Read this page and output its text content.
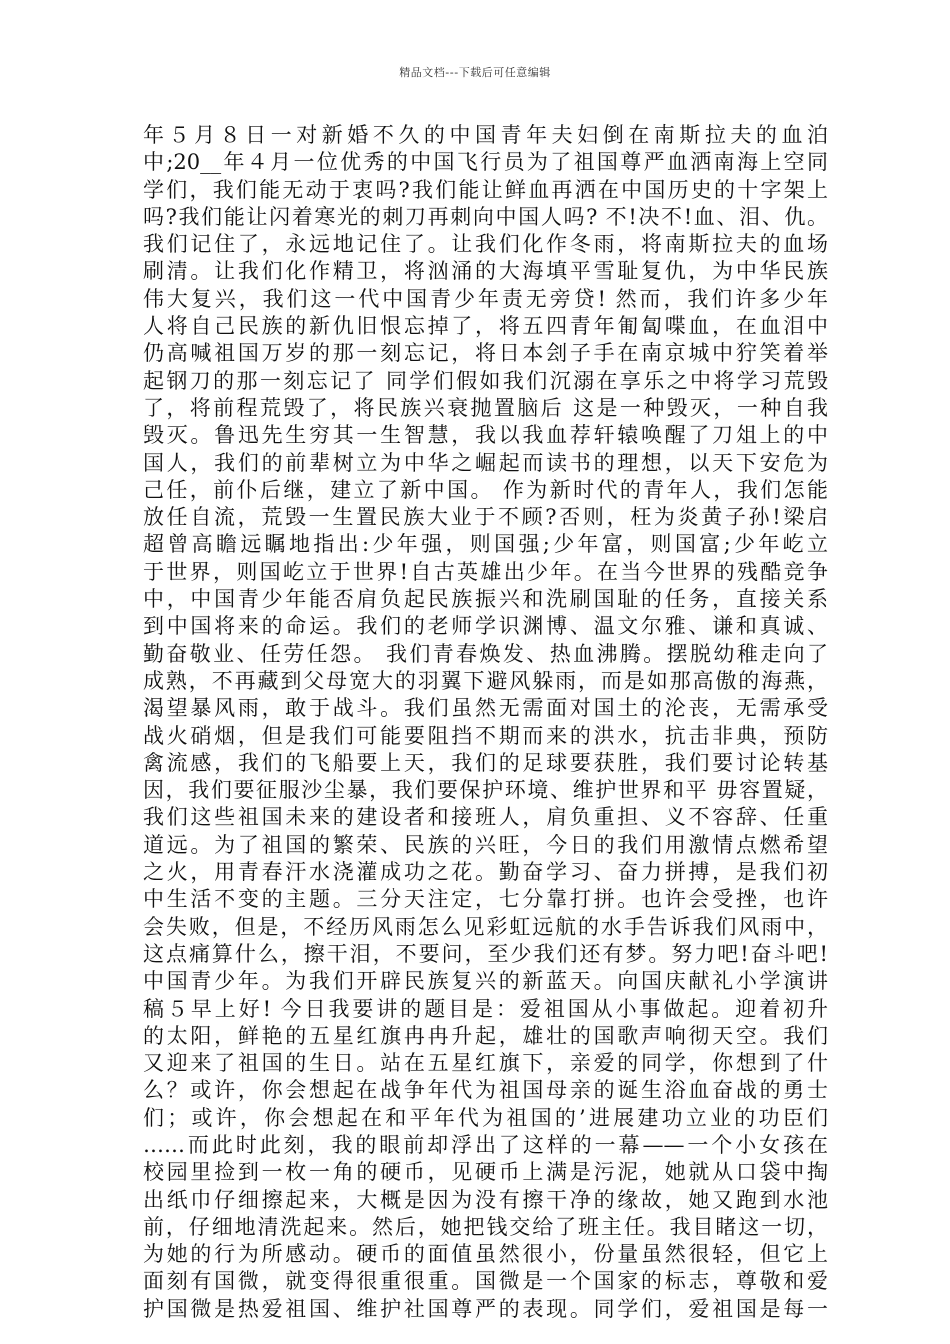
精品文档---下载后可任意编辑
年５月８日一对新婚不久的中国青年夫妇倒在南斯拉夫的血泊
中;20__年４月一位优秀的中国飞行员为了祖国尊严血洒南海上空同
学们，我们能无动于衷吗?我们能让鲜血再洒在中国历史的十字架上
吗?我们能让闪着寒光的刺刀再刺向中国人吗? 不!决不!血、泪、仇。
我们记住了，永远地记住了。让我们化作冬雨，将南斯拉夫的血场
刷清。让我们化作精卫，将汹涌的大海填平雪耻复仇，为中华民族
伟大复兴，我们这一代中国青少年责无旁贷! 然而，我们许多少年
人将自己民族的新仇旧恨忘掉了，将五四青年匍匐喋血，在血泪中
仍高喊祖国万岁的那一刻忘记，将日本刽子手在南京城中狞笑着举
起钢刀的那一刻忘记了 同学们假如我们沉溺在享乐之中将学习荒毁
了，将前程荒毁了，将民族兴衰抛置脑后 这是一种毁灭，一种自我
毁灭。鲁迅先生穷其一生智慧，我以我血荐轩辕唤醒了刀俎上的中
国人，我们的前辈树立为中华之崛起而读书的理想，以天下安危为
己任，前仆后继，建立了新中国。 作为新时代的青年人，我们怎能
放任自流，荒毁一生置民族大业于不顾?否则，枉为炎黄子孙!梁启
超曾高瞻远瞩地指出:少年强，则国强;少年富，则国富;少年屹立
于世界，则国屹立于世界!自古英雄出少年。在当今世界的残酷竞争
中，中国青少年能否肩负起民族振兴和洗刷国耻的任务，直接关系
到中国将来的命运。我们的老师学识渊博、温文尔雅、谦和真诚、
勤奋敬业、任劳任怨。 我们青春焕发、热血沸腾。摆脱幼稚走向了
成熟，不再藏到父母宽大的羽翼下避风躲雨，而是如那高傲的海燕，
渴望暴风雨，敢于战斗。我们虽然无需面对国土的沦丧，无需承受
战火硝烟，但是我们可能要阻挡不期而来的洪水，抗击非典，预防
禽流感，我们的飞船要上天，我们的足球要获胜，我们要讨论转基
因，我们要征服沙尘暴，我们要保护环境、维护世界和平 毋容置疑，
我们这些祖国未来的建设者和接班人，肩负重担、义不容辞、任重
道远。为了祖国的繁荣、民族的兴旺，今日的我们用激情点燃希望
之火，用青春汗水浇灌成功之花。勤奋学习、奋力拼搏，是我们初
中生活不变的主题。三分天注定，七分靠打拼。也许会受挫，也许
会失败，但是，不经历风雨怎么见彩虹远航的水手告诉我们风雨中，
这点痛算什么，擦干泪，不要问，至少我们还有梦。努力吧!奋斗吧!
中国青少年。为我们开辟民族复兴的新蓝天。向国庆献礼小学演讲
稿５早上好! 今日我要讲的题目是：爱祖国从小事做起。迎着初升
的太阳，鲜艳的五星红旗冉冉升起，雄壮的国歌声响彻天空。我们
又迎来了祖国的生日。站在五星红旗下，亲爱的同学，你想到了什
么？或许，你会想起在战争年代为祖国母亲的诞生浴血奋战的勇士
们；或许，你会想起在和平年代为祖国的’进展建功立业的功臣们
……而此时此刻，我的眼前却浮出了这样的一幕——一个小女孩在
校园里捡到一枚一角的硬币，见硬币上满是污泥，她就从口袋中掏
出纸巾仔细擦起来，大概是因为没有擦干净的缘故，她又跑到水池
前，仔细地清洗起来。然后，她把钱交给了班主任。我目睹这一切，
为她的行为所感动。硬币的面值虽然很小，份量虽然很轻，但它上
面刻有国微，就变得很重很重。国微是一个国家的标志，尊敬和爱
护国微是热爱祖国、维护社国尊严的表现。同学们，爱祖国是每一
